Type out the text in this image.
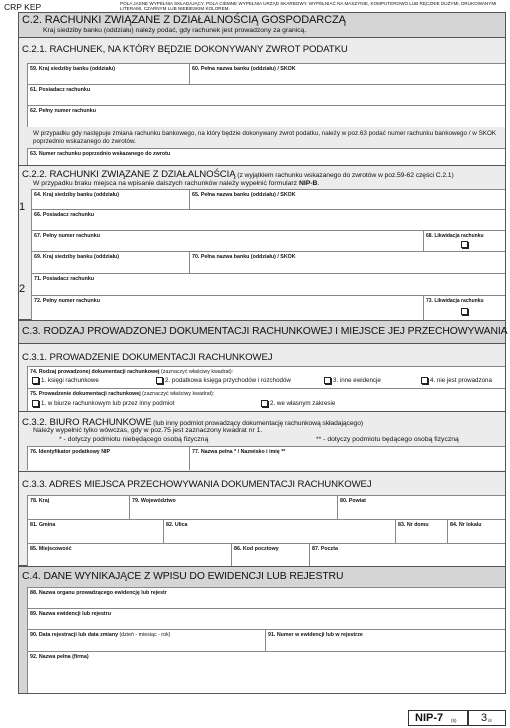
CRP KEP	POLA JASNE WYPEŁNIA SKŁADAJĄCY, POLA CIEMNE WYPEŁNIA URZĄD SKARBOWY. WYPEŁNIAĆ NA MASZYNIE, KOMPUTEROWO LUB RĘCZNIE DUŻYMI, DRUKOWANYMI LITERAMI, CZARNYM LUB NIEBIESKIM KOLOREM.
C.2. RACHUNKI ZWIĄZANE Z DZIAŁALNOŚCIĄ GOSPODARCZĄ
Kraj siedziby banku (oddziału) należy podać, gdy rachunek jest prowadzony za granicą.
C.2.1. RACHUNEK, NA KTÓRY BĘDZIE DOKONYWANY ZWROT PODATKU
59. Kraj siedziby banku (oddziału)	60. Pełna nazwa banku (oddziału) / SKOK
61. Posiadacz rachunku
62. Pełny numer rachunku
W przypadku gdy następuje zmiana rachunku bankowego, na który będzie dokonywany zwrot podatku, należy w poz.63 podać numer rachunku bankowego / w SKOK poprzednio wskazanego do zwrotów.
63. Numer rachunku poprzednio wskazanego do zwrotu
C.2.2. RACHUNKI ZWIĄZANE Z DZIAŁALNOŚCIĄ (z wyjątkiem rachunku wskazanego do zwrotów w poz.59-62 części C.2.1)
W przypadku braku miejsca na wpisanie dalszych rachunków należy wypełnić formularz NIP-B.
1
64. Kraj siedziby banku (oddziału)	65. Pełna nazwa banku (oddziału) / SKOK
66. Posiadacz rachunku
67. Pełny numer rachunku	68. Likwidacja rachunku
2
69. Kraj siedziby banku (oddziału)	70. Pełna nazwa banku (oddziału) / SKOK
71. Posiadacz rachunku
72. Pełny numer rachunku	73. Likwidacja rachunku
C.3. RODZAJ PROWADZONEJ DOKUMENTACJI RACHUNKOWEJ I MIEJSCE JEJ PRZECHOWYWANIA
C.3.1. PROWADZENIE DOKUMENTACJI RACHUNKOWEJ
74. Rodzaj prowadzonej dokumentacji rachunkowej (zaznaczyć właściwy kwadrat):
1. księgi rachunkowe	2. podatkowa księga przychodów i rozchodów	3. inne ewidencje	4. nie jest prowadzona
75. Prowadzenie dokumentacji rachunkowej (zaznaczyć właściwy kwadrat):
1. w biurze rachunkowym lub przez inny podmiot	2. we własnym zakresie
C.3.2. BIURO RACHUNKOWE (lub inny podmiot prowadzący dokumentację rachunkową składającego)
Należy wypełnić tylko wówczas, gdy w poz.75 jest zaznaczony kwadrat nr 1.
* - dotyczy podmiotu niebędącego osobą fizyczną	** - dotyczy podmiotu będącego osobą fizyczną
76. Identyfikator podatkowy NIP	77. Nazwa pełna * / Nazwisko i imię **
C.3.3. ADRES MIEJSCA PRZECHOWYWANIA DOKUMENTACJI RACHUNKOWEJ
78. Kraj	79. Województwo	80. Powiat
81. Gmina	82. Ulica	83. Nr domu	84. Nr lokalu
85. Miejscowość	86. Kod pocztowy	87. Poczta
C.4. DANE WYNIKAJĄCE Z WPISU DO EWIDENCJI LUB REJESTRU
88. Nazwa organu prowadzącego ewidencję lub rejestr
89. Nazwa ewidencji lub rejestru
90. Data rejestracji lub data zmiany (dzień - miesiąc - rok)	91. Numer w ewidencji lub w rejestrze
92. Nazwa pełna (firma)
NIP-7 (5) 3 /4
